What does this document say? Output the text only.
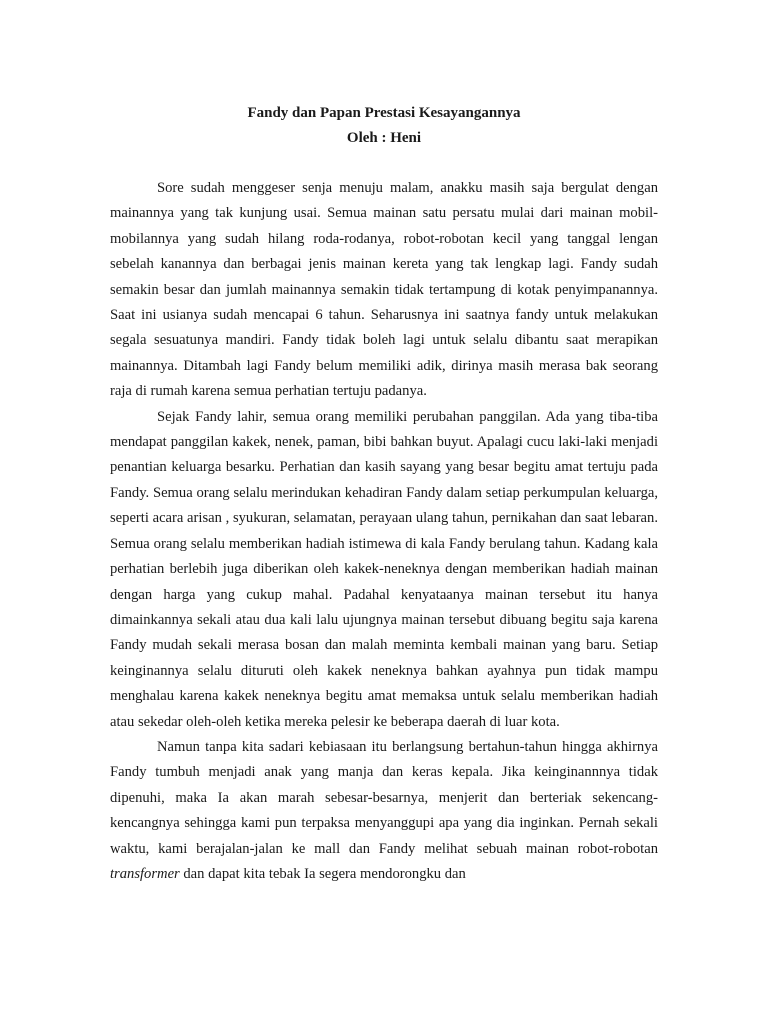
Fandy dan Papan Prestasi Kesayangannya
Oleh : Heni

Sore sudah menggeser senja menuju malam, anakku masih saja bergulat dengan mainannya yang tak kunjung usai. Semua mainan satu persatu mulai dari mainan mobil-mobilannya yang sudah hilang roda-rodanya, robot-robotan kecil yang tanggal lengan sebelah kanannya dan berbagai jenis mainan kereta yang tak lengkap lagi. Fandy sudah semakin besar dan jumlah mainannya semakin tidak tertampung di kotak penyimpanannya. Saat ini usianya sudah mencapai 6 tahun. Seharusnya ini saatnya fandy untuk melakukan segala sesuatunya mandiri. Fandy tidak boleh lagi untuk selalu dibantu saat merapikan mainannya. Ditambah lagi Fandy belum memiliki adik, dirinya masih merasa bak seorang raja di rumah karena semua perhatian tertuju padanya.

Sejak Fandy lahir, semua orang memiliki perubahan panggilan. Ada yang tiba-tiba mendapat panggilan kakek, nenek, paman, bibi bahkan buyut. Apalagi cucu laki-laki menjadi penantian keluarga besarku. Perhatian dan kasih sayang yang besar begitu amat tertuju pada Fandy. Semua orang selalu merindukan kehadiran Fandy dalam setiap perkumpulan keluarga, seperti acara arisan , syukuran, selamatan, perayaan ulang tahun, pernikahan dan saat lebaran. Semua orang selalu memberikan hadiah istimewa di kala Fandy berulang tahun. Kadang kala perhatian berlebih juga diberikan oleh kakek-neneknya dengan memberikan hadiah mainan dengan harga yang cukup mahal. Padahal kenyataanya mainan tersebut itu hanya dimainkannya sekali atau dua kali lalu ujungnya mainan tersebut dibuang begitu saja karena Fandy mudah sekali merasa bosan dan malah meminta kembali mainan yang baru. Setiap keinginannya selalu dituruti oleh kakek neneknya bahkan ayahnya pun tidak mampu menghalau karena kakek neneknya begitu amat memaksa untuk selalu memberikan hadiah atau sekedar oleh-oleh ketika mereka pelesir ke beberapa daerah di luar kota.

Namun tanpa kita sadari kebiasaan itu berlangsung bertahun-tahun hingga akhirnya Fandy tumbuh menjadi anak yang manja dan keras kepala. Jika keinginannnya tidak dipenuhi, maka Ia akan marah sebesar-besarnya, menjerit dan berteriak sekencang-kencangnya sehingga kami pun terpaksa menyanggupi apa yang dia inginkan. Pernah sekali waktu, kami berajalan-jalan ke mall dan Fandy melihat sebuah mainan robot-robotan transformer dan dapat kita tebak Ia segera mendorongku dan
